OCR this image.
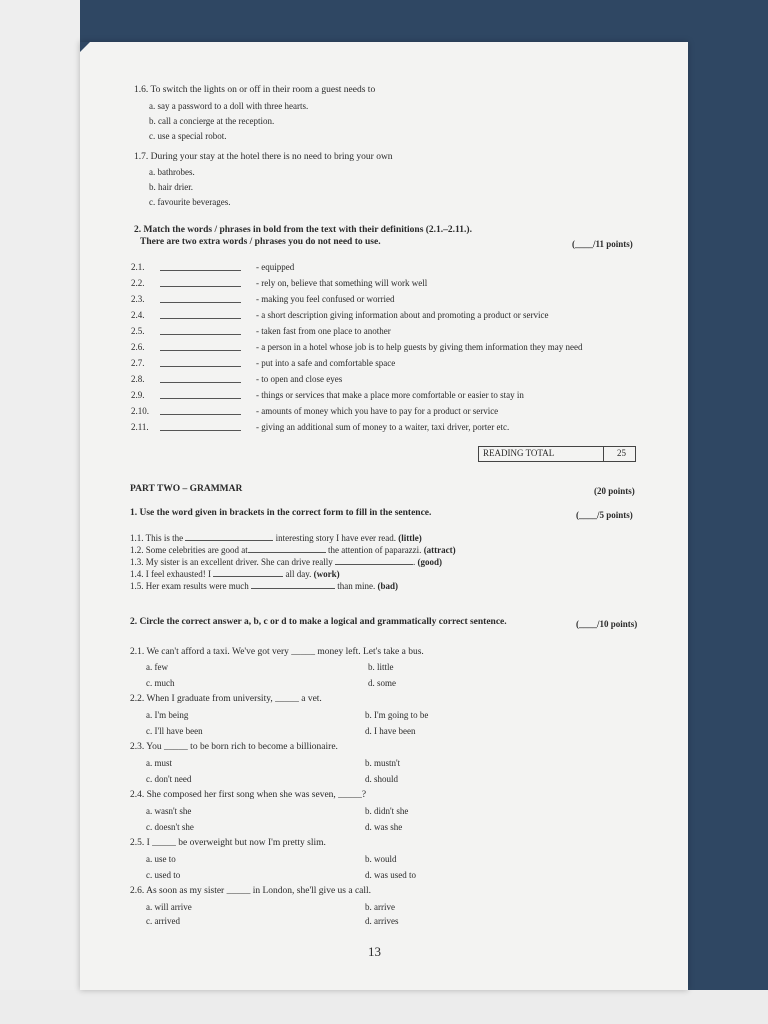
1.6. To switch the lights on or off in their room a guest needs to
a. say a password to a doll with three hearts.
b. call a concierge at the reception.
c. use a special robot.
1.7. During your stay at the hotel there is no need to bring your own
a. bathrobes.
b. hair drier.
c. favourite beverages.
2. Match the words / phrases in bold from the text with their definitions (2.1.–2.11.).
There are two extra words / phrases you do not need to use.	(____/11 points)
2.1.	- equipped
2.2.	- rely on, believe that something will work well
2.3.	- making you feel confused or worried
2.4.	- a short description giving information about and promoting a product or service
2.5.	- taken fast from one place to another
2.6.	- a person in a hotel whose job is to help guests by giving them information they may need
2.7.	- put into a safe and comfortable space
2.8.	- to open and close eyes
2.9.	- things or services that make a place more comfortable or easier to stay in
2.10.	- amounts of money which you have to pay for a product or service
2.11.	- giving an additional sum of money to a waiter, taxi driver, porter etc.
READING TOTAL	25
PART TWO – GRAMMAR	(20 points)
1. Use the word given in brackets in the correct form to fill in the sentence.	(____/5 points)
1.1. This is the	interesting story I have ever read. (little)
1.2. Some celebrities are good at	the attention of paparazzi. (attract)
1.3. My sister is an excellent driver. She can drive really	. (good)
1.4. I feel exhausted! I	all day. (work)
1.5. Her exam results were much	than mine. (bad)
2. Circle the correct answer a, b, c or d to make a logical and grammatically correct sentence.	(____/10 points)
2.1. We can't afford a taxi. We've got very _____ money left. Let's take a bus.
a. few	b. little
c. much	d. some
2.2. When I graduate from university, _____ a vet.
a. I'm being	b. I'm going to be
c. I'll have been	d. I have been
2.3. You _____ to be born rich to become a billionaire.
a. must	b. mustn't
c. don't need	d. should
2.4. She composed her first song when she was seven, _____?
a. wasn't she	b. didn't she
c. doesn't she	d. was she
2.5. I _____ be overweight but now I'm pretty slim.
a. use to	b. would
c. used to	d. was used to
2.6. As soon as my sister _____ in London, she'll give us a call.
a. will arrive	b. arrive
c. arrived	d. arrives
13
